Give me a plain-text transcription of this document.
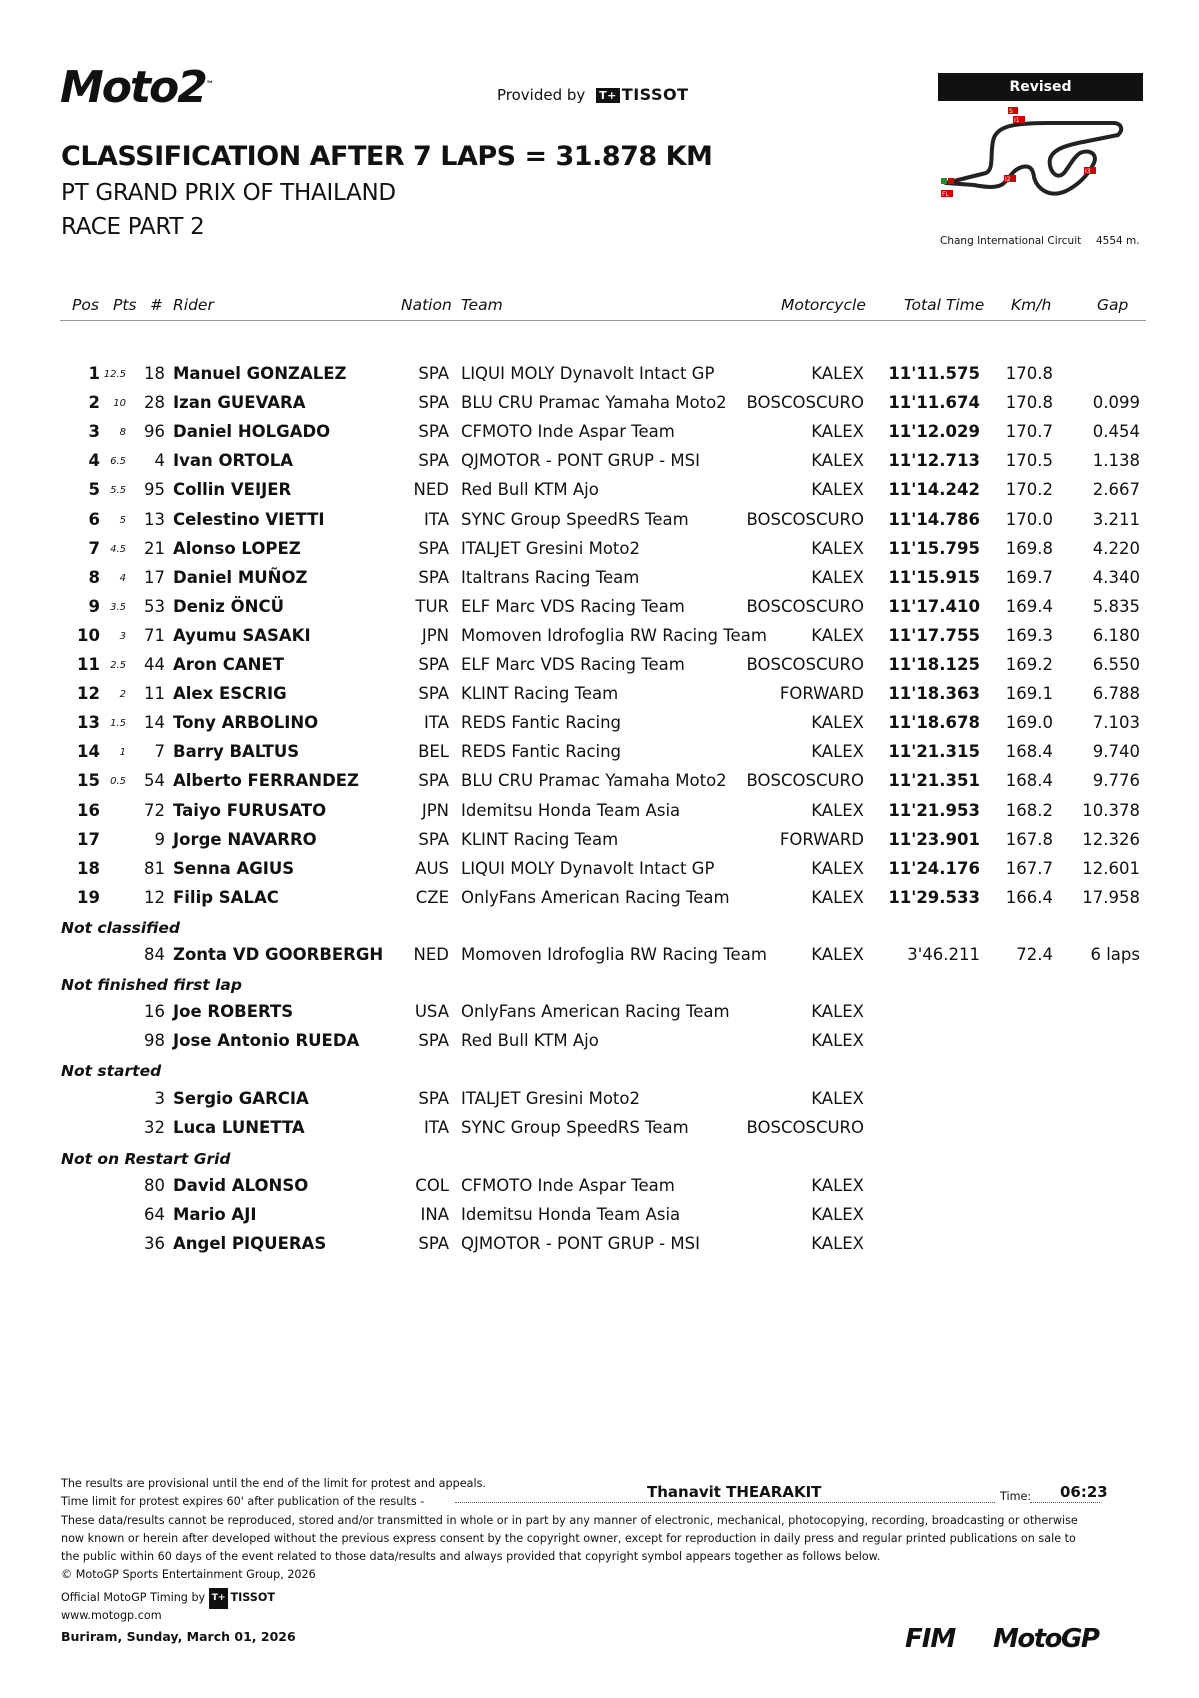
Moto2™
Provided by T+ TISSOT
CLASSIFICATION AFTER 7 LAPS = 31.878 KM
PT GRAND PRIX OF THAILAND
RACE PART 2
Revised
S
I1
I2
I3
FL
Chang International Circuit 4554 m.
Pos Pts # Rider	Nation Team	Motorcycle Total Time Km/h	Gap
1 12.5 18 Manuel GONZALEZ	SPA LIQUI MOLY Dynavolt Intact GP	KALEX 11'11.575 170.8
2 10 28 Izan GUEVARA	SPA BLU CRU Pramac Yamaha Moto2 BOSCOSCURO 11'11.674 170.8 0.099
3 8 96 Daniel HOLGADO	SPA CFMOTO Inde Aspar Team	KALEX 11'12.029 170.7 0.454
4 6.5 4 Ivan ORTOLA	SPA QJMOTOR - PONT GRUP - MSI	KALEX 11'12.713 170.5 1.138
5 5.5 95 Collin VEIJER	NED Red Bull KTM Ajo	KALEX 11'14.242 170.2 2.667
6 5 13 Celestino VIETTI	ITA SYNC Group SpeedRS Team	BOSCOSCURO 11'14.786 170.0 3.211
7 4.5 21 Alonso LOPEZ	SPA ITALJET Gresini Moto2	KALEX 11'15.795 169.8 4.220
8 4 17 Daniel MUÑOZ	SPA Italtrans Racing Team	KALEX 11'15.915 169.7 4.340
9 3.5 53 Deniz ÖNCÜ	TUR ELF Marc VDS Racing Team	BOSCOSCURO 11'17.410 169.4 5.835
10 3 71 Ayumu SASAKI	JPN Momoven Idrofoglia RW Racing Team	KALEX 11'17.755 169.3 6.180
11 2.5 44 Aron CANET	SPA ELF Marc VDS Racing Team	BOSCOSCURO 11'18.125 169.2 6.550
12 2 11 Alex ESCRIG	SPA KLINT Racing Team	FORWARD 11'18.363 169.1 6.788
13 1.5 14 Tony ARBOLINO	ITA REDS Fantic Racing	KALEX 11'18.678 169.0 7.103
14 1 7 Barry BALTUS	BEL REDS Fantic Racing	KALEX 11'21.315 168.4 9.740
15 0.5 54 Alberto FERRANDEZ	SPA BLU CRU Pramac Yamaha Moto2 BOSCOSCURO 11'21.351 168.4 9.776
16	72 Taiyo FURUSATO	JPN Idemitsu Honda Team Asia	KALEX 11'21.953 168.2 10.378
17	9 Jorge NAVARRO	SPA KLINT Racing Team	FORWARD 11'23.901 167.8 12.326
18	81 Senna AGIUS	AUS LIQUI MOLY Dynavolt Intact GP	KALEX 11'24.176 167.7 12.601
19	12 Filip SALAC	CZE OnlyFans American Racing Team	KALEX 11'29.533 166.4 17.958
Not classified
84 Zonta VD GOORBERGH NED Momoven Idrofoglia RW Racing Team	KALEX	3'46.211 72.4 6 laps
Not finished first lap
16 Joe ROBERTS	USA OnlyFans American Racing Team	KALEX
98 Jose Antonio RUEDA	SPA Red Bull KTM Ajo	KALEX
Not started
3 Sergio GARCIA	SPA ITALJET Gresini Moto2	KALEX
32 Luca LUNETTA	ITA SYNC Group SpeedRS Team	BOSCOSCURO
Not on Restart Grid
80 David ALONSO	COL CFMOTO Inde Aspar Team	KALEX
64 Mario AJI	INA Idemitsu Honda Team Asia	KALEX
36 Angel PIQUERAS	SPA QJMOTOR - PONT GRUP - MSI	KALEX
The results are provisional until the end of the limit for protest and appeals.
Time limit for protest expires 60' after publication of the results -
Thanavit THEARAKIT	Time: 06:23
These data/results cannot be reproduced, stored and/or transmitted in whole or in part by any manner of electronic, mechanical, photocopying, recording, broadcasting or otherwise
now known or herein after developed without the previous express consent by the copyright owner, except for reproduction in daily press and regular printed publications on sale to
the public within 60 days of the event related to those data/results and always provided that copyright symbol appears together as follows below.
© MotoGP Sports Entertainment Group, 2026
Official MotoGP Timing by T+ TISSOT
www.motogp.com
Buriram, Sunday, March 01, 2026	FIM MotoGP
